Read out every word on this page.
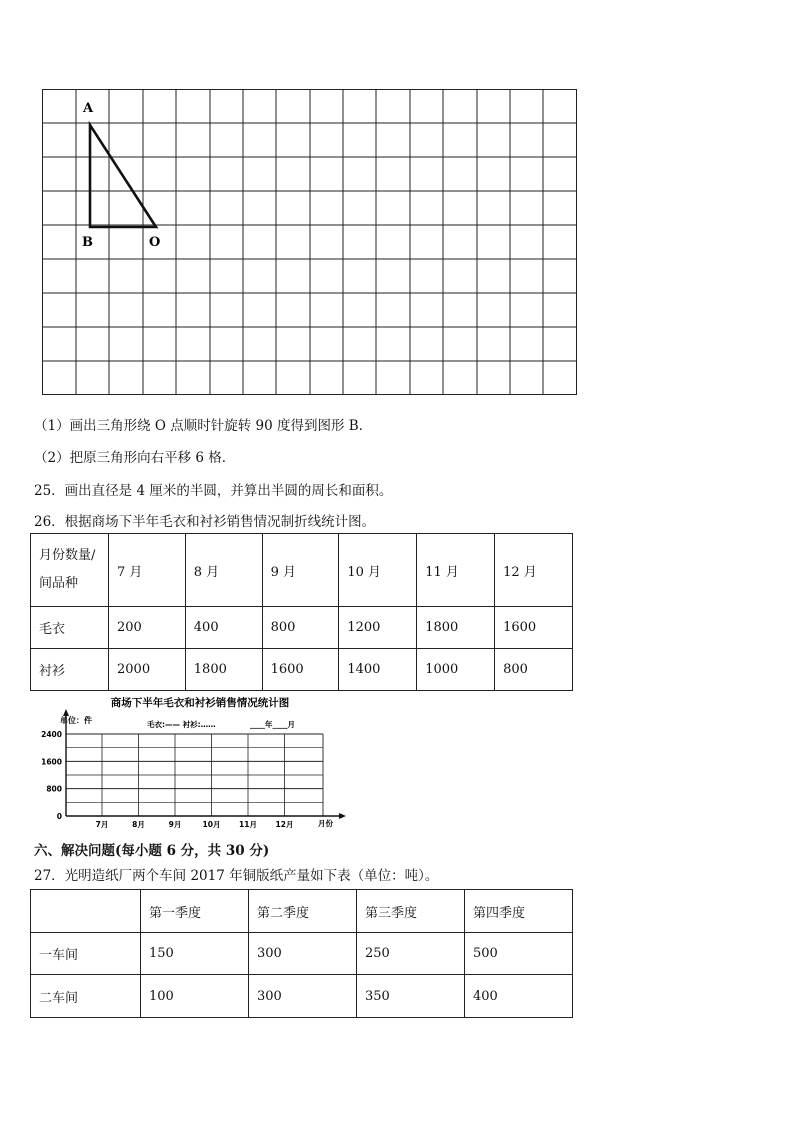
A
B	O
（1）画出三角形绕 O 点顺时针旋转 90 度得到图形 B．
（2）把原三角形向右平移 6 格．
25．画出直径是 4 厘米的半圆，并算出半圆的周长和面积。
26．根据商场下半年毛衣和衬衫销售情况制折线统计图。
月份数量/
间品种	7 月	8 月	9 月	10 月	11 月	12 月
毛衣	200	400	800	1200	1800	1600
衬衫	2000	1800	1600	1400	1000	800
商场下半年毛衣和衬衫销售情况统计图
单位：件	毛衣:—— 衬衫:……	____年____月
2400
1600
800
0
7月	8月	9月	10月 11月 12月	月份
六、解决问题(每小题 6 分，共 30 分)
27．光明造纸厂两个车间 2017 年铜版纸产量如下表（单位：吨）。
	第一季度	第二季度	第三季度	第四季度
一车间	150	300	250	500
二车间	100	300	350	400
